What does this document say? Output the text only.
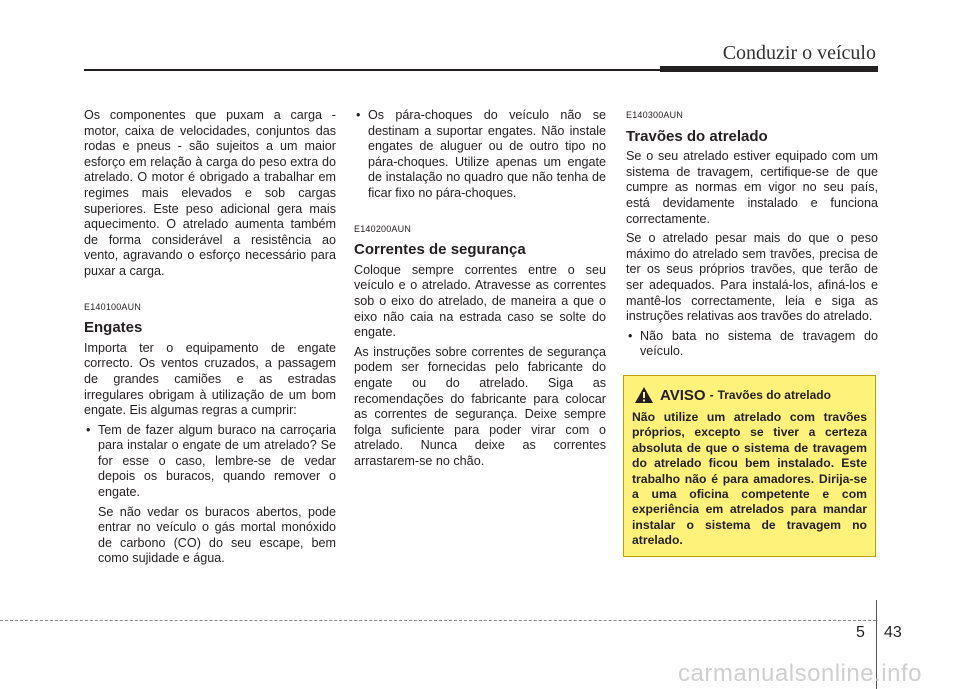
Conduzir o veículo

Os componentes que puxam a carga - motor, caixa de velocidades, conjuntos das rodas e pneus - são sujeitos a um maior esforço em relação à carga do peso extra do atrelado. O motor é obrigado a trabalhar em regimes mais elevados e sob cargas superiores. Este peso adicional gera mais aquecimento. O atrelado aumenta também de forma considerável a resistência ao vento, agravando o esforço necessário para puxar a carga.

E140100AUN
Engates

Importa ter o equipamento de engate correcto. Os ventos cruzados, a passagem de grandes camiões e as estradas irregulares obrigam à utilização de um bom engate. Eis algumas regras a cumprir:

• Tem de fazer algum buraco na carroçaria para instalar o engate de um atrelado? Se for esse o caso, lembre-se de vedar depois os buracos, quando remover o engate.

Se não vedar os buracos abertos, pode entrar no veículo o gás mortal monóxido de carbono (CO) do seu escape, bem como sujidade e água.

• Os pára-choques do veículo não se destinam a suportar engates. Não instale engates de aluguer ou de outro tipo no pára-choques. Utilize apenas um engate de instalação no quadro que não tenha de ficar fixo no pára-choques.
E140200AUN
Correntes de segurança

Coloque sempre correntes entre o seu veículo e o atrelado. Atravesse as correntes sob o eixo do atrelado, de maneira a que o eixo não caia na estrada caso se solte do engate.

As instruções sobre correntes de segurança podem ser fornecidas pelo fabricante do engate ou do atrelado. Siga as recomendações do fabricante para colocar as correntes de segurança. Deixe sempre folga suficiente para poder virar com o atrelado. Nunca deixe as correntes arrastarem-se no chão.

E140300AUN
Travões do atrelado

Se o seu atrelado estiver equipado com um sistema de travagem, certifique-se de que cumpre as normas em vigor no seu país, está devidamente instalado e funciona correctamente.

Se o atrelado pesar mais do que o peso máximo do atrelado sem travões, precisa de ter os seus próprios travões, que terão de ser adequados. Para instalá-los, afiná-los e mantê-los correctamente, leia e siga as instruções relativas aos travões do atrelado.

• Não bata no sistema de travagem do veículo.
AVISO - Travões do atrelado

Não utilize um atrelado com travões próprios, excepto se tiver a certeza absoluta de que o sistema de travagem do atrelado ficou bem instalado. Este trabalho não é para amadores. Dirija-se a uma oficina competente e com experiência em atrelados para mandar instalar o sistema de travagem no atrelado.

5 43
carmanualsonline.info
